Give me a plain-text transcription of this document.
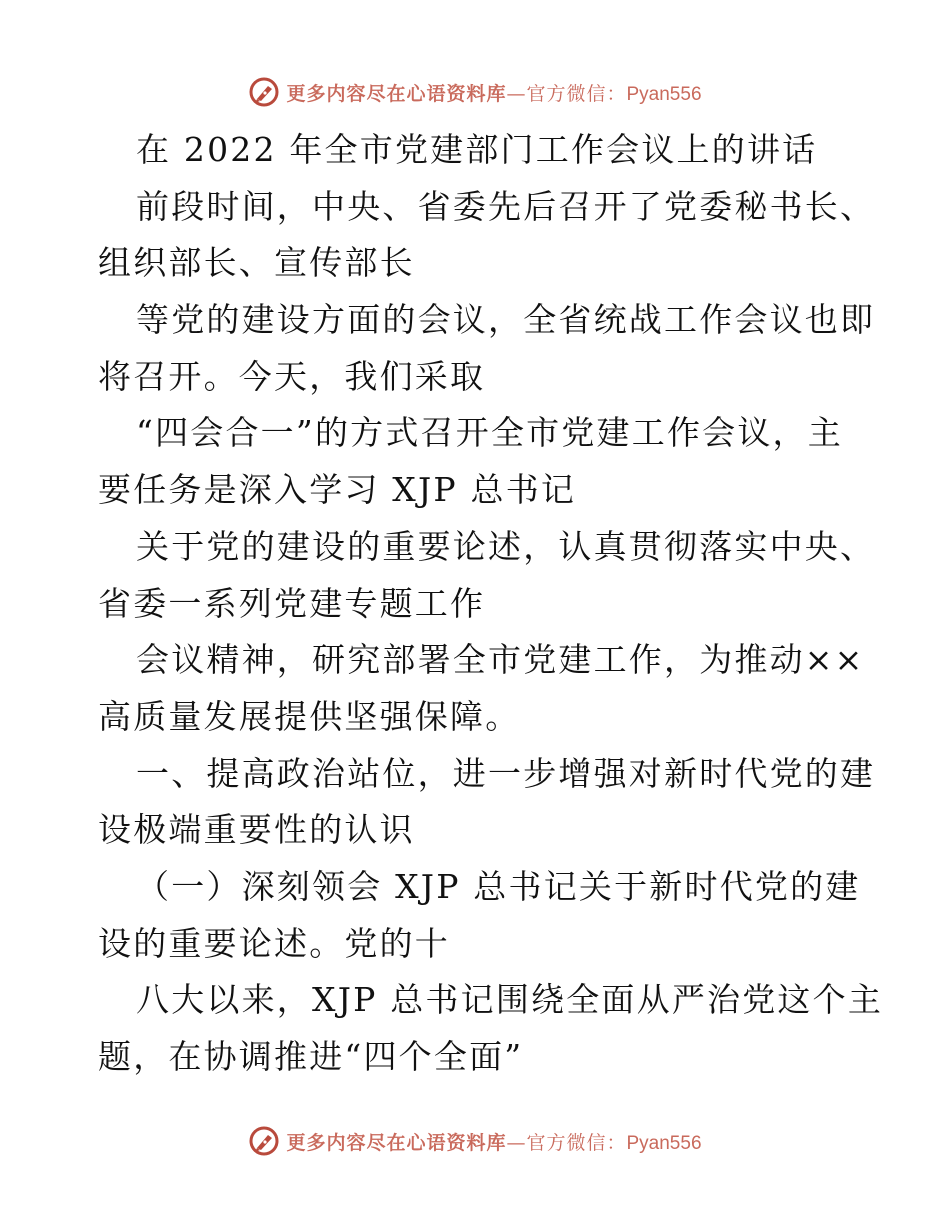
更多内容尽在心语资料库—官方微信：Pyan556
在 2022 年全市党建部门工作会议上的讲话
前段时间，中央、省委先后召开了党委秘书长、
组织部长、宣传部长
等党的建设方面的会议，全省统战工作会议也即
将召开。今天，我们采取
“四会合一”的方式召开全市党建工作会议，主
要任务是深入学习 XJP 总书记
关于党的建设的重要论述，认真贯彻落实中央、
省委一系列党建专题工作
会议精神，研究部署全市党建工作，为推动××
高质量发展提供坚强保障。
一、提高政治站位，进一步增强对新时代党的建
设极端重要性的认识
（一）深刻领会 XJP 总书记关于新时代党的建
设的重要论述。党的十
八大以来，XJP 总书记围绕全面从严治党这个主
题，在协调推进“四个全面”
更多内容尽在心语资料库—官方微信：Pyan556
